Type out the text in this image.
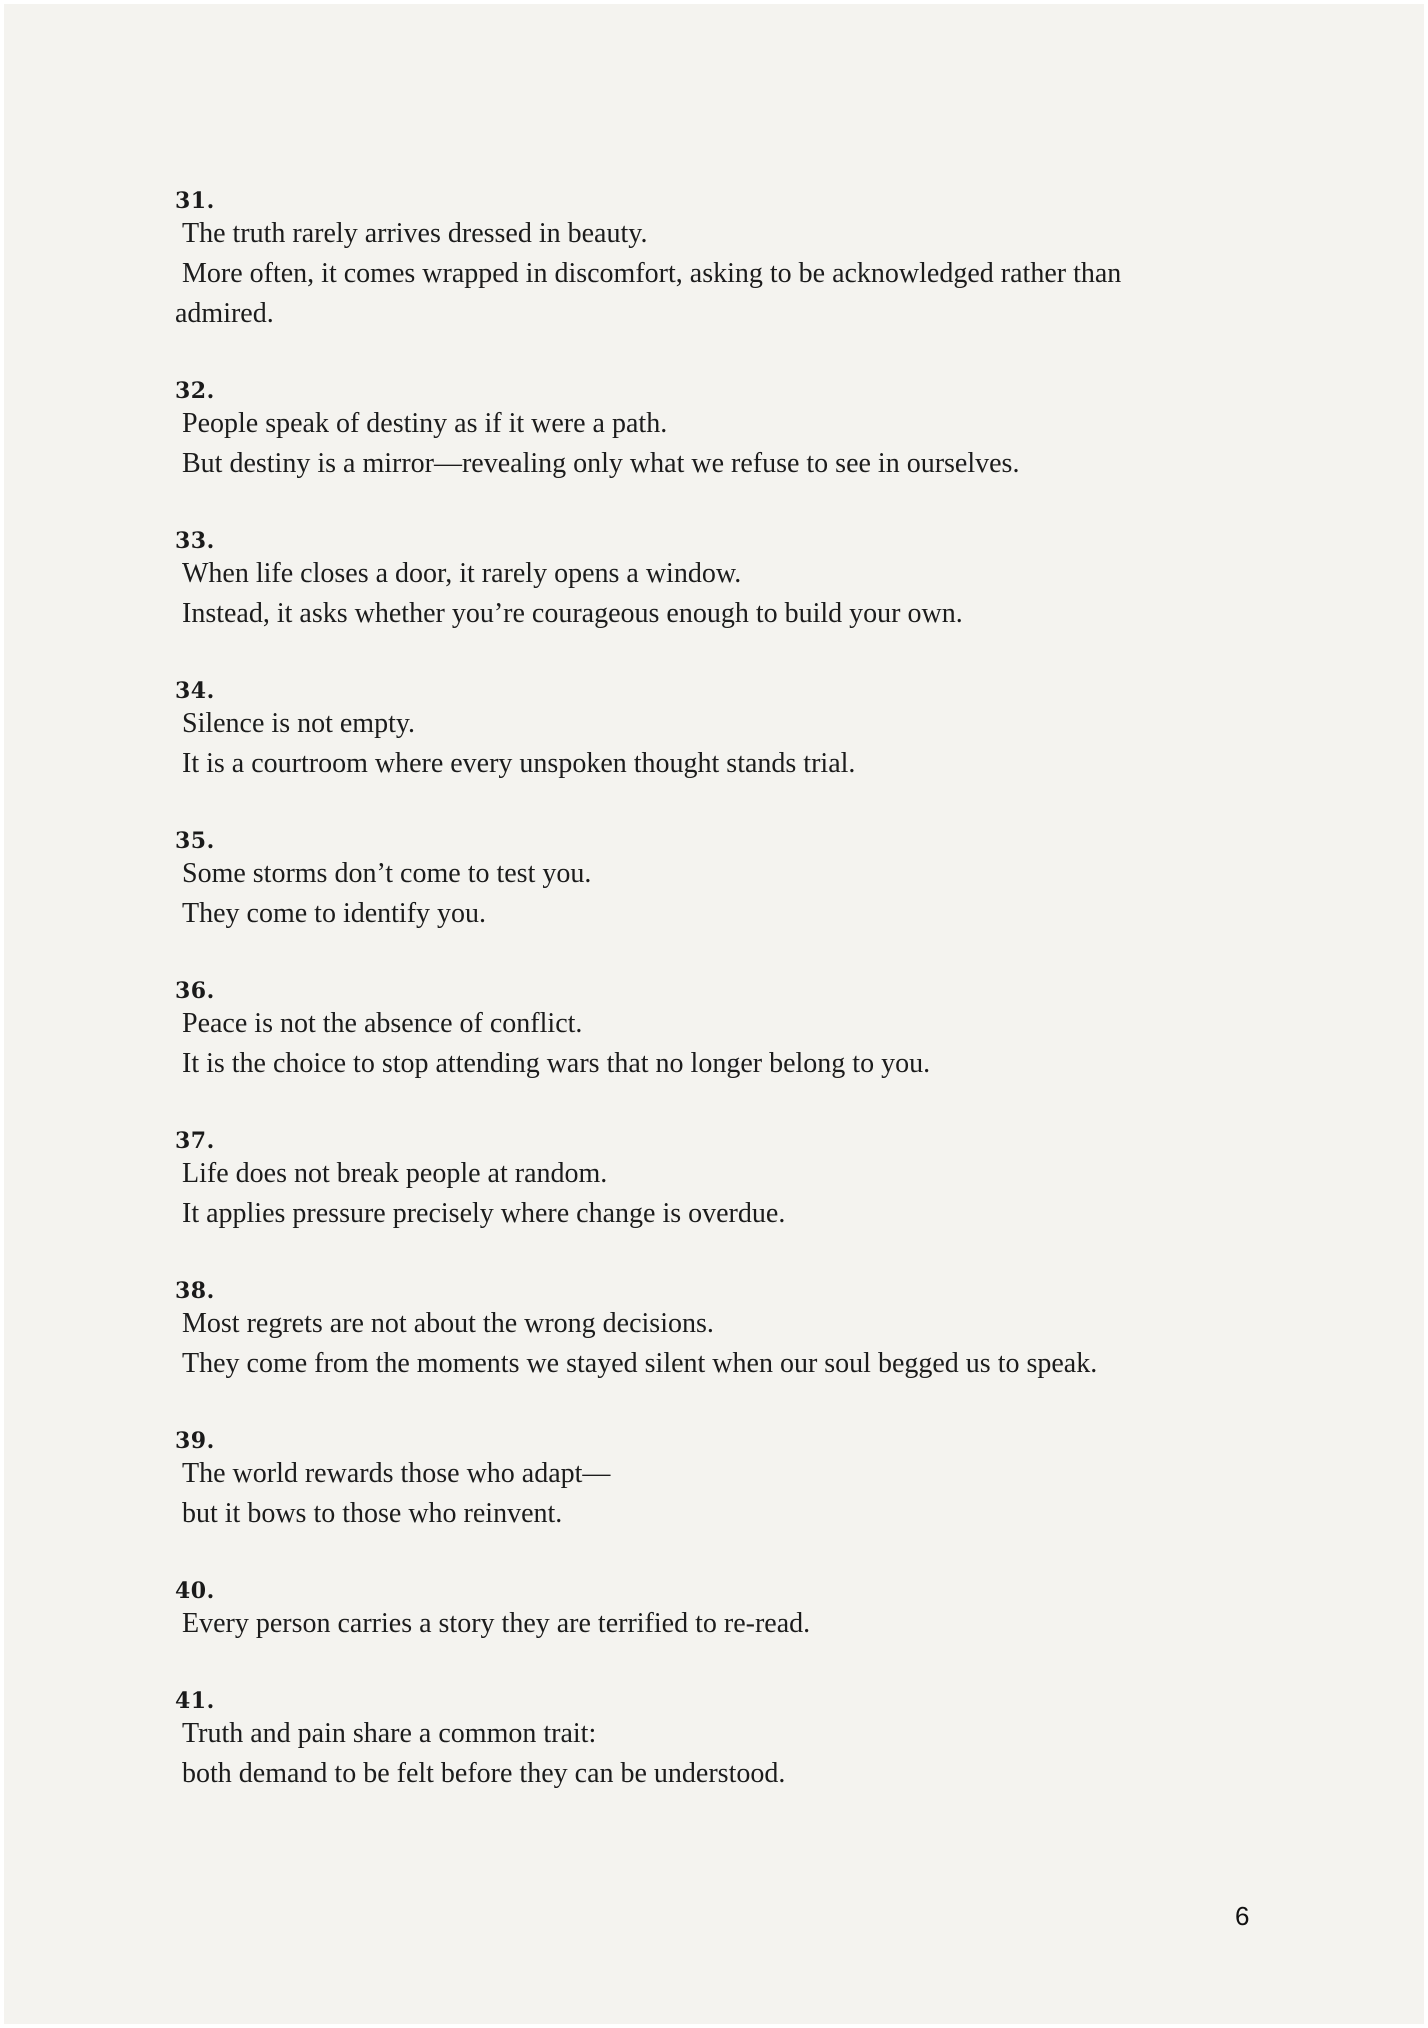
31.
The truth rarely arrives dressed in beauty.
More often, it comes wrapped in discomfort, asking to be acknowledged rather than
admired.
32.
People speak of destiny as if it were a path.
But destiny is a mirror—revealing only what we refuse to see in ourselves.
33.
When life closes a door, it rarely opens a window.
Instead, it asks whether you’re courageous enough to build your own.
34.
Silence is not empty.
It is a courtroom where every unspoken thought stands trial.
35.
Some storms don’t come to test you.
They come to identify you.
36.
Peace is not the absence of conflict.
It is the choice to stop attending wars that no longer belong to you.
37.
Life does not break people at random.
It applies pressure precisely where change is overdue.
38.
Most regrets are not about the wrong decisions.
They come from the moments we stayed silent when our soul begged us to speak.
39.
The world rewards those who adapt—
but it bows to those who reinvent.
40.
Every person carries a story they are terrified to re-read.
41.
Truth and pain share a common trait:
both demand to be felt before they can be understood.
6
